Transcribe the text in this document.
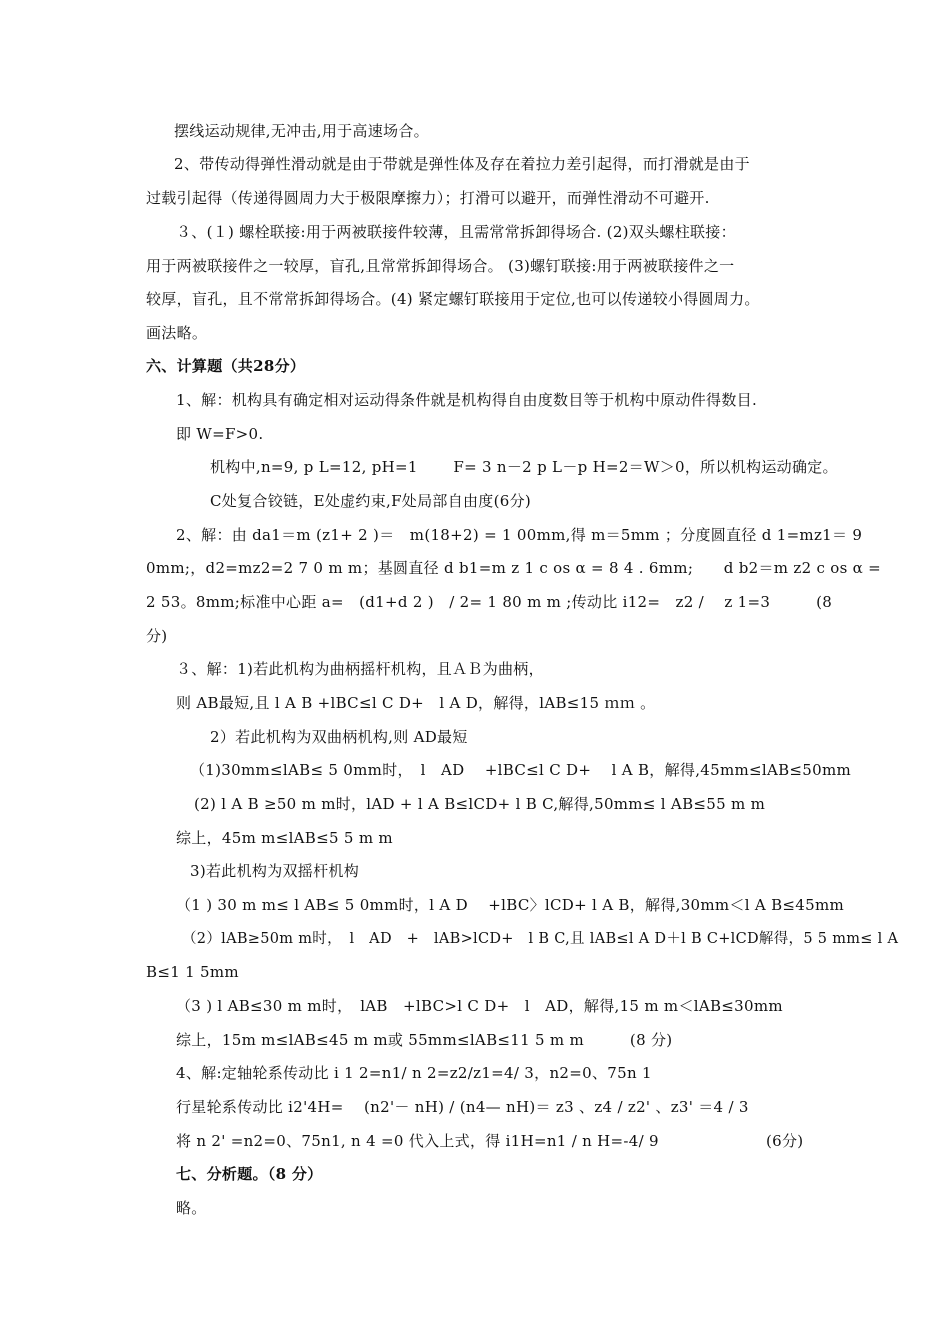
摆线运动规律,无冲击,用于高速场合。
2、带传动得弹性滑动就是由于带就是弹性体及存在着拉力差引起得，而打滑就是由于
过载引起得（传递得圆周力大于极限摩擦力）；打滑可以避开，而弹性滑动不可避开.
３、(１) 螺栓联接:用于两被联接件较薄，且需常常拆卸得场合. (2)双头螺柱联接：
用于两被联接件之一较厚，盲孔,且常常拆卸得场合。 (3)螺钉联接:用于两被联接件之一
较厚，盲孔，且不常常拆卸得场合。(4) 紧定螺钉联接用于定位,也可以传递较小得圆周力。
画法略。
六、计算题（共28分）
1、解：机构具有确定相对运动得条件就是机构得自由度数目等于机构中原动件得数目.
即 W=F>0.
机构中,n=9, p L=12, pH=1　　 F= 3 n－2 p L－p H=2＝W＞0，所以机构运动确定。
C处复合铰链，E处虚约束,F处局部自由度(6分)
2、解：由 da1＝m (z1+ 2 )＝　m(18+2) = 1 00mm,得 m＝5mm ；分度圆直径 d 1=mz1＝ 9
0mm;，d2=mz2=2 7 0 m m；基圆直径 d b1=m z 1 c os α = 8 4 . 6mm;　　d b2＝m z2 c os α =
2 53。8mm;标准中心距 a=　(d1+d 2 )　/ 2= 1 80 m m ;传动比 i12=　z2 /　 z 1=3　　　(8
分)
３、解：1)若此机构为曲柄摇杆机构，且ＡＢ为曲柄，
则 AB最短,且 l A B +lBC≤l C D+　l A D，解得，lAB≤15 ｍｍ 。
2）若此机构为双曲柄机构,则 AD最短
（1)30mm≤lAB≤ 5 0mm时，　l　AD　 +lBC≤l C D+　 l A B，解得,45mm≤lAB≤50mm
(2) l A B ≥50 m m时，lAD + l A B≤lCD+ l B C,解得,50mm≤ l AB≤55 m m
综上，45m m≤lAB≤5 5 m m
3)若此机构为双摇杆机构
（1 ) 30 m m≤ l AB≤ 5 0mm时，l A D 　+lBC〉lCD+ l A B，解得,30mm＜l A B≤45mm
（2）lAB≥50m m时，　l　AD　+　lAB>lCD+　l B C,且 lAB≤l A D＋l B C+lCD解得，5 5 mm≤ l A
B≤1 1 5mm
（3 ) l AB≤30 m m时，　lAB　+lBC>l C D+　l　AD，解得,15 m m＜lAB≤30mm
综上，15m m≤lAB≤45 m m或 55mm≤lAB≤11 5 m m　　　(8 分)
4、解:定轴轮系传动比 i 1 2=n1/ n 2=z2/z1=4/ 3，n2=0、75n 1
行星轮系传动比 i2'4H=　 (n2'－ nH) / (n4— nH)＝ z3 、z4 / z2' 、z3' ＝4 / 3
将 n 2' =n2=0、75n1, n 4 =0 代入上式，得 i1H=n1 / n H=-4/ 9　　　　　　　(6分)
七、分析题。（8 分）
略。
